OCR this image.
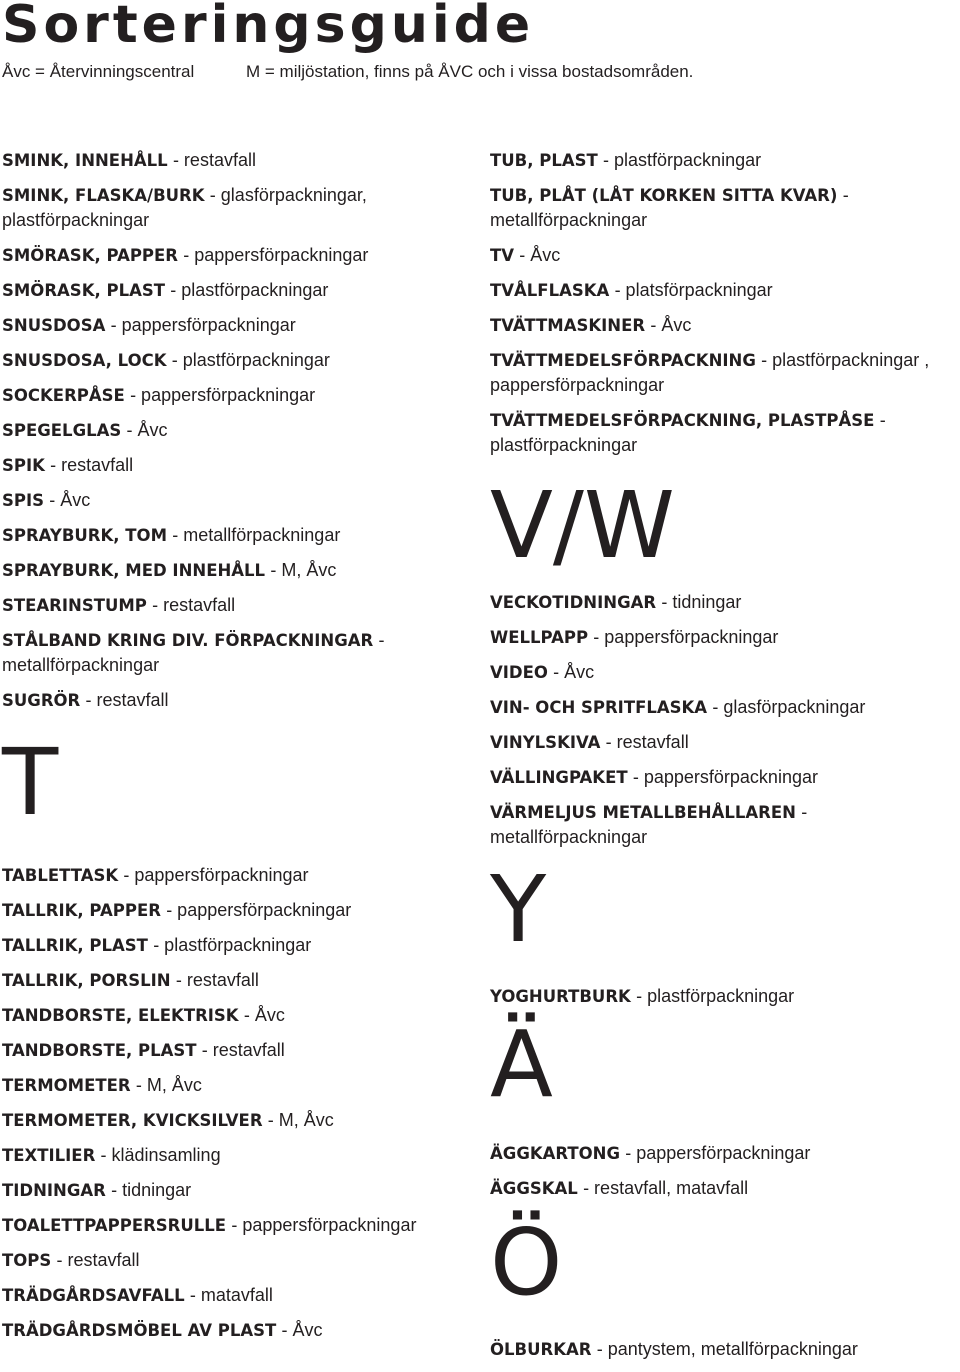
Sorteringsguide
Åvc = Återvinningscentral	M = miljöstation, finns på ÅVC och i vissa bostadsområden.

SMINK, INNEHÅLL - restavfall

SMINK, FLASKA/BURK - glasförpackningar, plastförpackningar

SMÖRASK, PAPPER - pappersförpackningar

SMÖRASK, PLAST - plastförpackningar

SNUSDOSA - pappersförpackningar

SNUSDOSA, LOCK - plastförpackningar

SOCKERPÅSE - pappersförpackningar

SPEGELGLAS - Åvc

SPIK - restavfall

SPIS - Åvc

SPRAYBURK, TOM - metallförpackningar

SPRAYBURK, MED INNEHÅLL - M, Åvc

STEARINSTUMP - restavfall

STÅLBAND KRING DIV. FÖRPACKNINGAR - metallförpackningar

SUGRÖR - restavfall

T

TABLETTASK - pappersförpackningar

TALLRIK, PAPPER - pappersförpackningar

TALLRIK, PLAST - plastförpackningar

TALLRIK, PORSLIN - restavfall

TANDBORSTE, ELEKTRISK - Åvc

TANDBORSTE, PLAST - restavfall

TERMOMETER - M, Åvc

TERMOMETER, KVICKSILVER - M, Åvc

TEXTILIER - klädinsamling

TIDNINGAR - tidningar

TOALETTPAPPERSRULLE - pappersförpackningar

TOPS - restavfall

TRÄDGÅRDSAVFALL - matavfall

TRÄDGÅRDSMÖBEL AV PLAST - Åvc

TUB, PLAST - plastförpackningar

TUB, PLÅT (LÅT KORKEN SITTA KVAR) - metallförpackningar

TV - Åvc

TVÅLFLASKA - platsförpackningar

TVÄTTMASKINER - Åvc

TVÄTTMEDELSFÖRPACKNING - plastförpackningar , pappersförpackningar

TVÄTTMEDELSFÖRPACKNING, PLASTPÅSE - plastförpackningar

V/W

VECKOTIDNINGAR - tidningar

WELLPAPP - pappersförpackningar

VIDEO - Åvc

VIN- OCH SPRITFLASKA - glasförpackningar

VINYLSKIVA - restavfall

VÄLLINGPAKET - pappersförpackningar

VÄRMELJUS METALLBEHÅLLAREN - metallförpackningar

Y

YOGHURTBURK - plastförpackningar

Ä

ÄGGKARTONG - pappersförpackningar

ÄGGSKAL - restavfall, matavfall

Ö

ÖLBURKAR - pantystem, metallförpackningar
